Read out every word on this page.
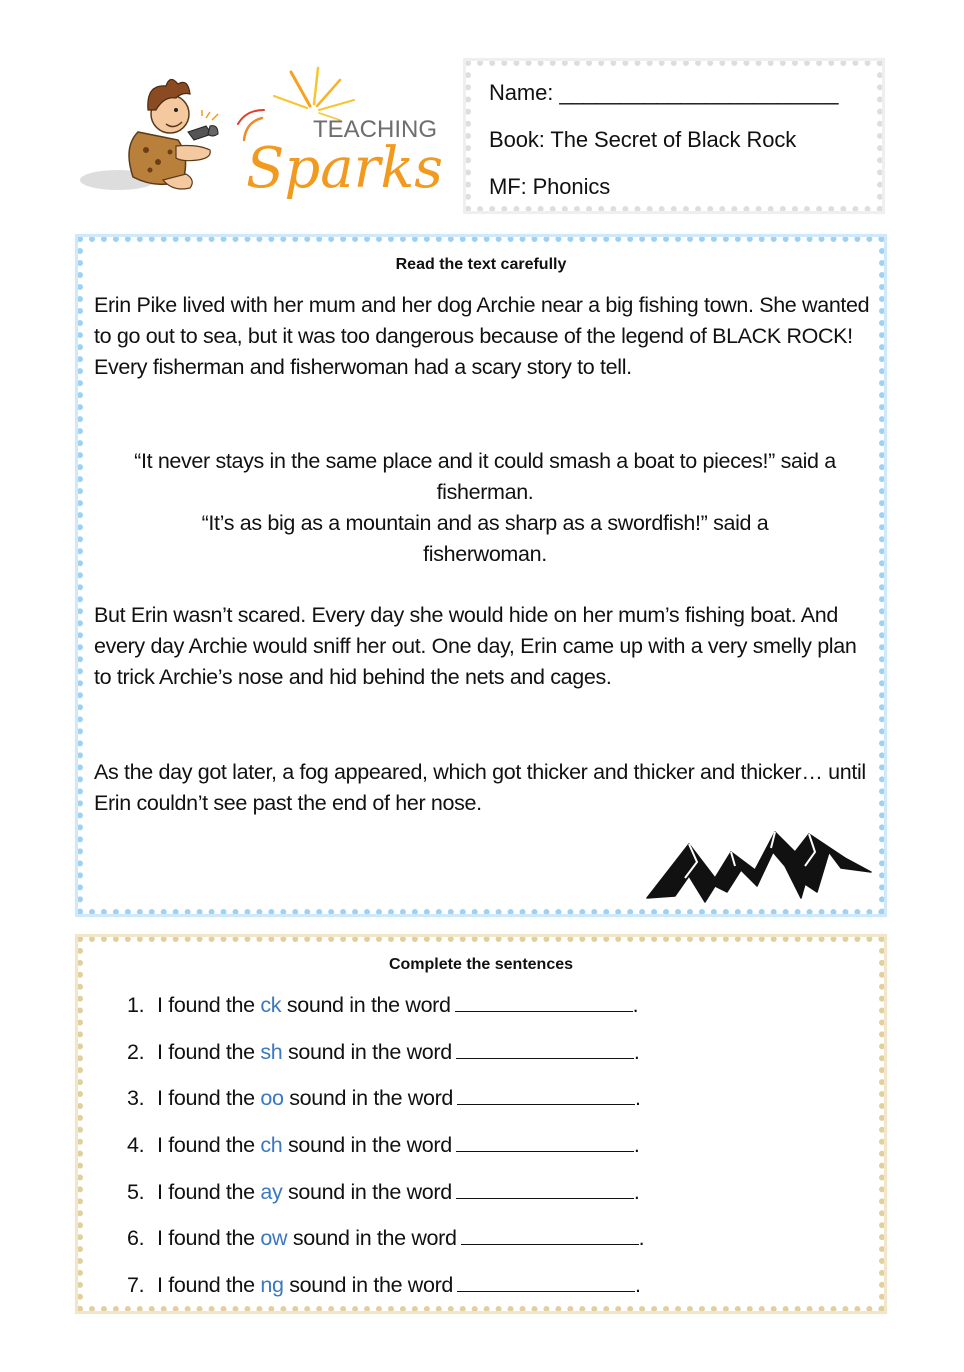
TEACHING
Sparks
Name: _______________________
Book: The Secret of Black Rock
MF: Phonics
Read the text carefully
Erin Pike lived with her mum and her dog Archie near a big fishing town. She wanted to go out to sea, but it was too dangerous because of the legend of BLACK ROCK! Every fisherman and fisherwoman had a scary story to tell.
“It never stays in the same place and it could smash a boat to pieces!” said a fisherman.
“It’s as big as a mountain and as sharp as a swordfish!” said a fisherwoman.
But Erin wasn’t scared. Every day she would hide on her mum’s fishing boat. And every day Archie would sniff her out. One day, Erin came up with a very smelly plan to trick Archie’s nose and hid behind the nets and cages.
As the day got later, a fog appeared, which got thicker and thicker and thicker… until Erin couldn’t see past the end of her nose.
Complete the sentences
1. I found the ck sound in the word	.
2. I found the sh sound in the word	.
3. I found the oo sound in the word	.
4. I found the ch sound in the word	.
5. I found the ay sound in the word	.
6. I found the ow sound in the word	.
7. I found the ng sound in the word	.
